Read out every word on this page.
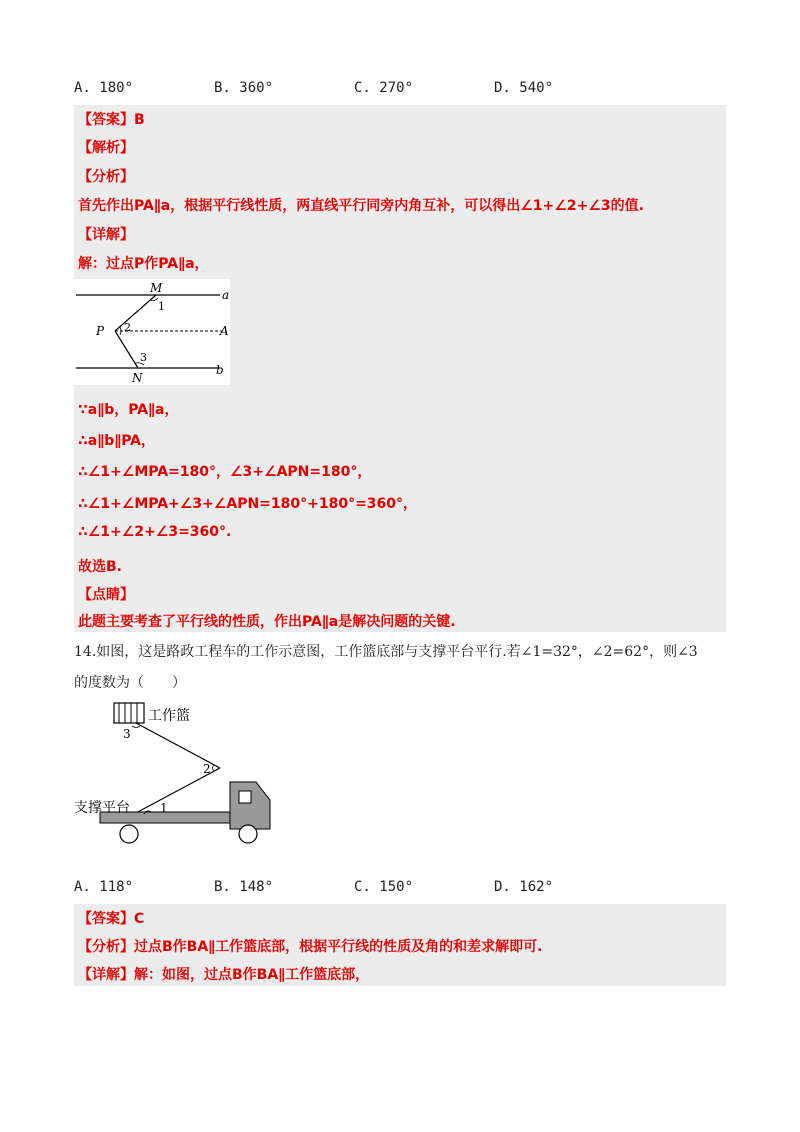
A. 180°	B. 360°	C. 270°	D. 540°
【答案】B
【解析】
【分析】
首先作出PA∥a，根据平行线性质，两直线平行同旁内角互补，可以得出∠1+∠2+∠3的值.
【详解】
解：过点P作PA∥a，
M
1
a
P 2	A
3
N
b
∵a∥b，PA∥a，
∴a∥b∥PA，
∴∠1+∠MPA=180°，∠3+∠APN=180°，
∴∠1+∠MPA+∠3+∠APN=180°+180°=360°，
∴∠1+∠2+∠3=360°.
故选B.
【点睛】
此题主要考查了平行线的性质，作出PA∥a是解决问题的关键.
14.如图，这是路政工程车的工作示意图，工作篮底部与支撑平台平行.若∠1=32°，∠2=62°，则∠3
的度数为（　　）
工作篮
3
2
支撑平台	1
A. 118°	B. 148°	C. 150°	D. 162°
【答案】C
【分析】过点B作BA∥工作篮底部，根据平行线的性质及角的和差求解即可.
【详解】解：如图，过点B作BA∥工作篮底部，
